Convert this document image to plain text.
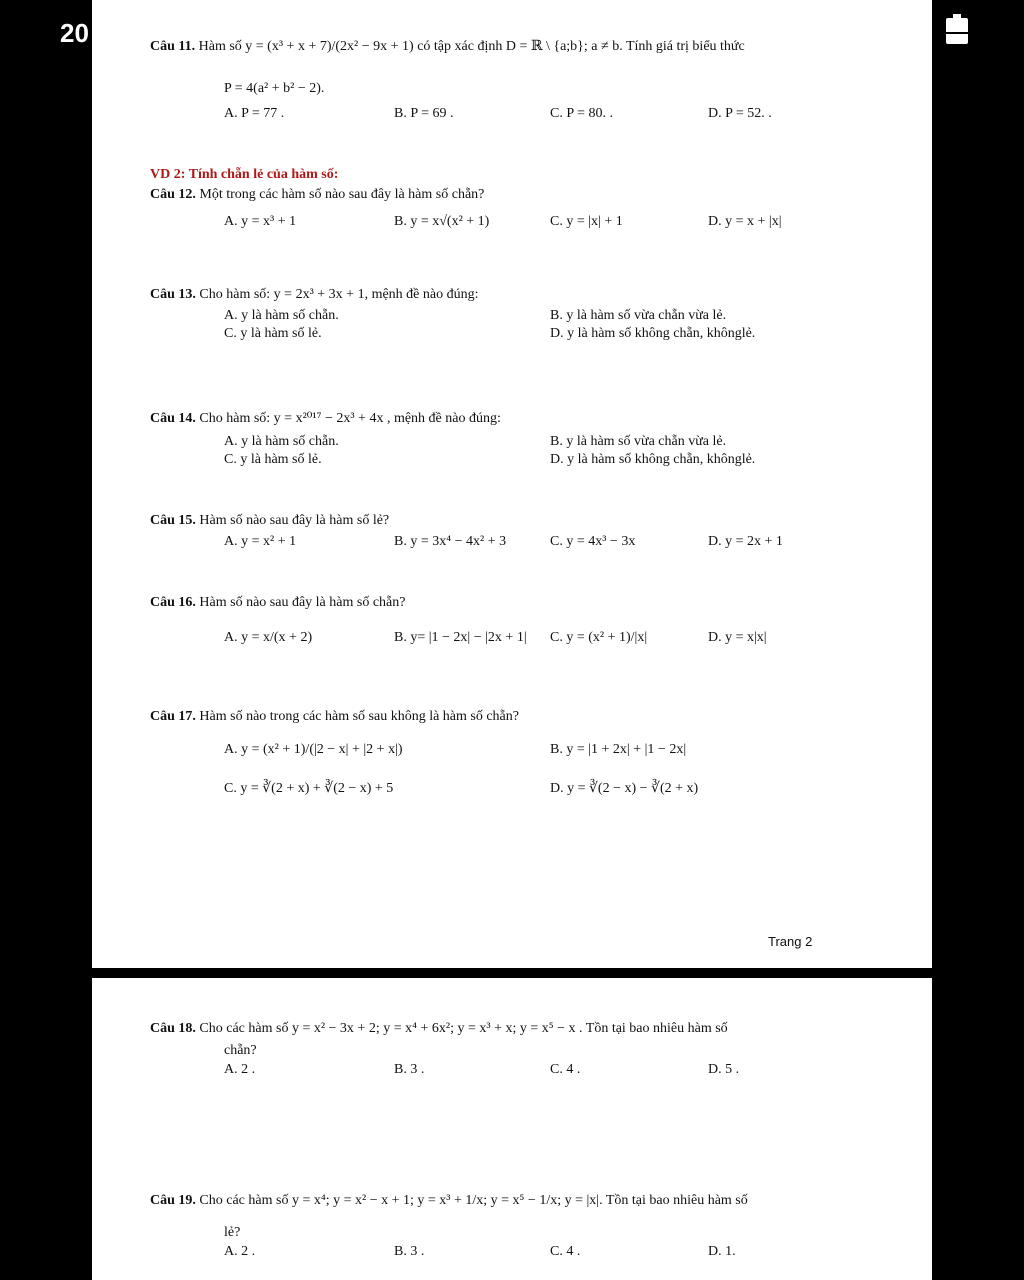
20	Câu 11. Hàm số y = (x³ + x + 7)/(2x² − 9x + 1) có tập xác định D = ℝ \ {a;b}; a ≠ b. Tính giá trị biểu thức
P = 4(a² + b² − 2).
A. P = 77 .	B. P = 69 .	C. P = 80. .	D. P = 52. .
VD 2: Tính chẵn lẻ của hàm số:
Câu 12. Một trong các hàm số nào sau đây là hàm số chẵn?
A. y = x³ + 1	B. y = x√(x² + 1)	C. y = |x| + 1	D. y = x + |x|
Câu 13. Cho hàm số: y = 2x³ + 3x + 1, mệnh đề nào đúng:
A. y là hàm số chẵn.	B. y là hàm số vừa chẵn vừa lẻ.
C. y là hàm số lẻ.	D. y là hàm số không chẵn, khônglẻ.
Câu 14. Cho hàm số: y = x²⁰¹⁷ − 2x³ + 4x , mệnh đề nào đúng:
A. y là hàm số chẵn.	B. y là hàm số vừa chẵn vừa lẻ.
C. y là hàm số lẻ.	D. y là hàm số không chẵn, khônglẻ.
Câu 15. Hàm số nào sau đây là hàm số lẻ?
A. y = x² + 1	B. y = 3x⁴ − 4x² + 3	C. y = 4x³ − 3x	D. y = 2x + 1
Câu 16. Hàm số nào sau đây là hàm số chẵn?
A. y = x/(x + 2)	B. y= |1 − 2x| − |2x + 1| C. y = (x² + 1)/|x|	D. y = x|x|
Câu 17. Hàm số nào trong các hàm số sau không là hàm số chẵn?
A. y = (x² + 1)/(|2 − x| + |2 + x|)	B. y = |1 + 2x| + |1 − 2x|
C. y = ∛(2 + x) + ∛(2 − x) + 5	D. y = ∛(2 − x) − ∛(2 + x)
Trang 2
Câu 18. Cho các hàm số y = x² − 3x + 2; y = x⁴ + 6x²; y = x³ + x; y = x⁵ − x . Tồn tại bao nhiêu hàm số
chẵn?
A. 2 .	B. 3 .	C. 4 .	D. 5 .
Câu 19. Cho các hàm số y = x⁴; y = x² − x + 1; y = x³ + 1/x; y = x⁵ − 1/x; y = |x|. Tồn tại bao nhiêu hàm số
lẻ?
A. 2 .	B. 3 .	C. 4 .	D. 1.
